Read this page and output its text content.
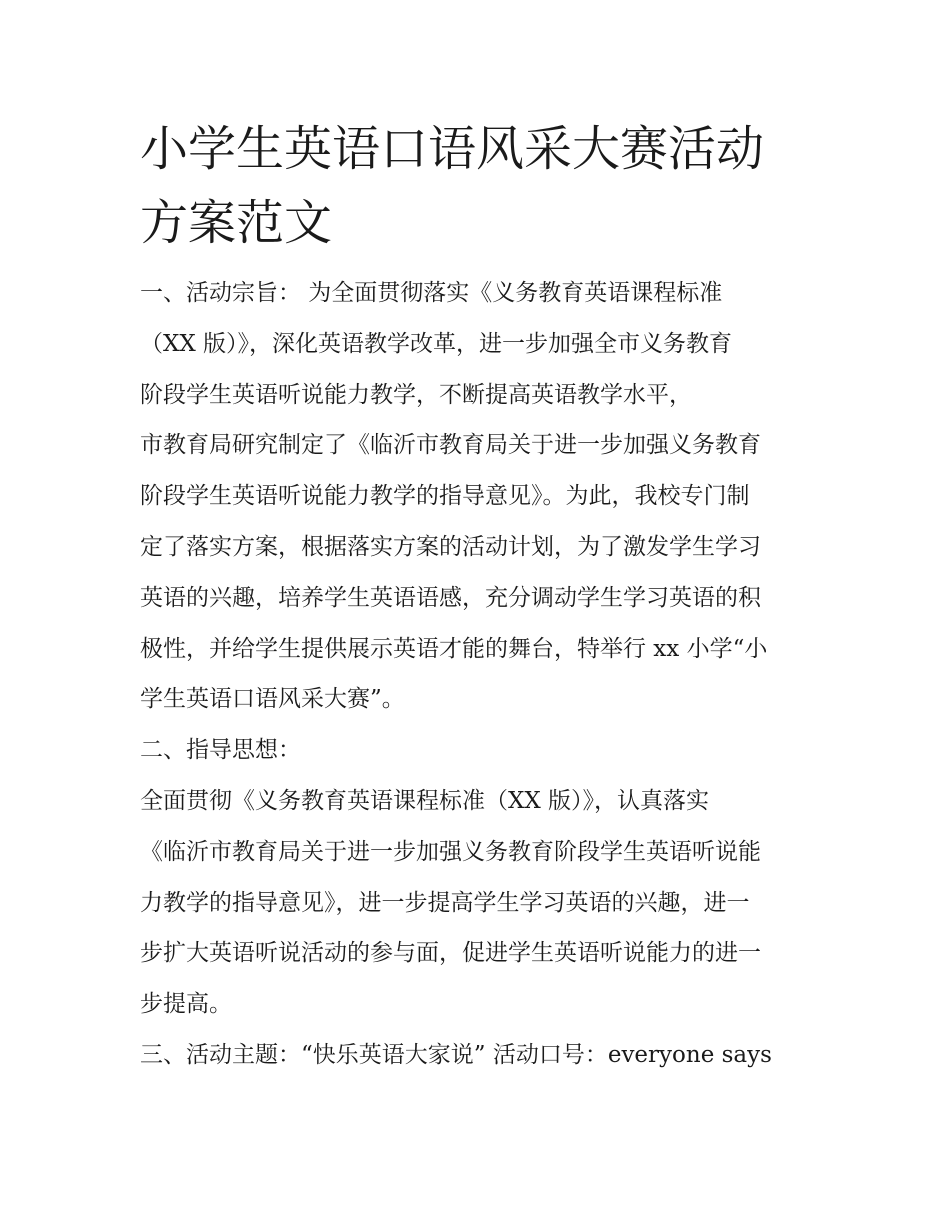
小学生英语口语风采大赛活动
方案范文
一、活动宗旨： 为全面贯彻落实《义务教育英语课程标准
（XX 版）》，深化英语教学改革，进一步加强全市义务教育
阶段学生英语听说能力教学，不断提高英语教学水平，
市教育局研究制定了《临沂市教育局关于进一步加强义务教育
阶段学生英语听说能力教学的指导意见》。为此，我校专门制
定了落实方案，根据落实方案的活动计划，为了激发学生学习
英语的兴趣，培养学生英语语感，充分调动学生学习英语的积
极性，并给学生提供展示英语才能的舞台，特举行 xx 小学“小
学生英语口语风采大赛”。
二、指导思想：
全面贯彻《义务教育英语课程标准（XX 版）》，认真落实
《临沂市教育局关于进一步加强义务教育阶段学生英语听说能
力教学的指导意见》，进一步提高学生学习英语的兴趣，进一
步扩大英语听说活动的参与面，促进学生英语听说能力的进一
步提高。
三、活动主题：“快乐英语大家说” 活动口号：everyone says
